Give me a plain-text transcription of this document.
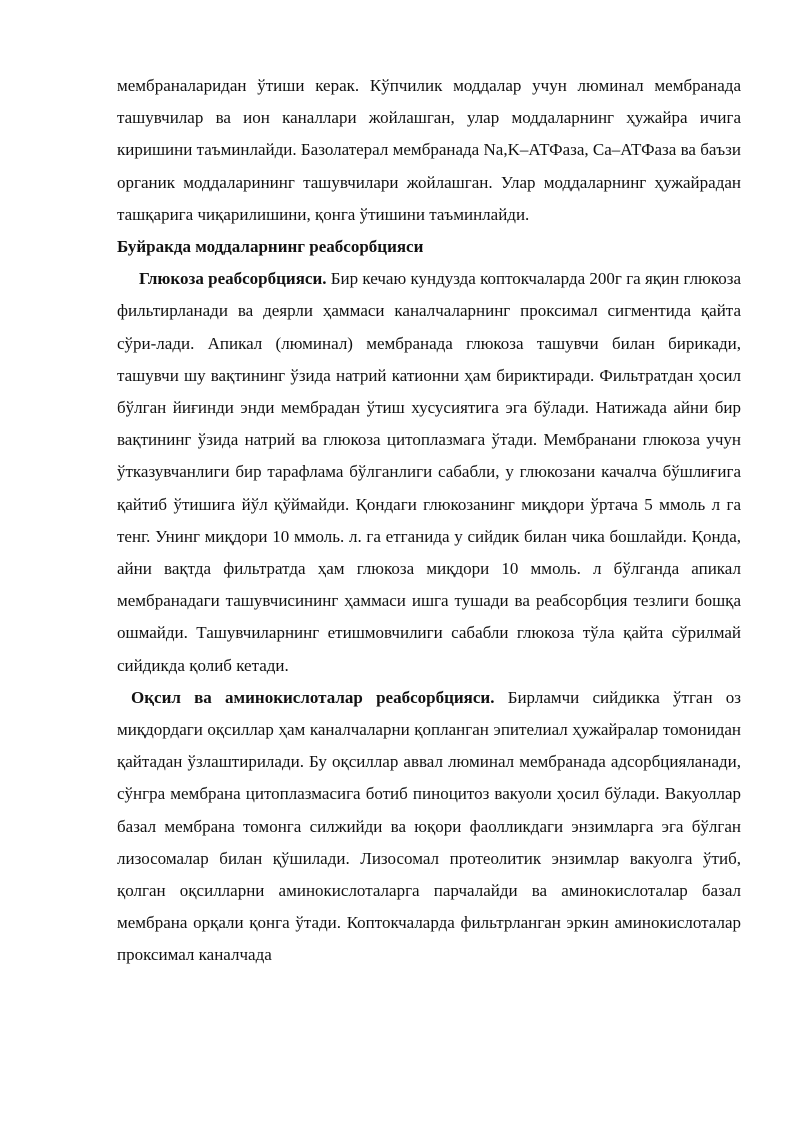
мембраналаридан ўтиши керак. Кўпчилик моддалар учун люминал мембранада ташувчилар ва ион каналлари жойлашган, улар моддаларнинг ҳужайра ичига киришини таъминлайди. Базолатерал мембранада Na,K–АТФаза, Са–АТФаза ва баъзи органик моддаларининг ташувчилари жойлашган. Улар моддаларнинг ҳужайрадан ташқарига чиқарилишини, қонга ўтишини таъминлайди.

Буйракда моддаларнинг реабсорбцияси

Глюкоза реабсорбцияси. Бир кечаю кундузда коптокчаларда 200г га яқин глюкоза фильтирланади ва деярли ҳаммаси каналчаларнинг проксимал сигментида қайта сўри-лади. Апикал (люминал) мембранада глюкоза ташувчи билан бирикади, ташувчи шу вақтининг ўзида натрий катионни ҳам бириктиради. Фильтратдан ҳосил бўлган йиғинди энди мембрадан ўтиш хусусиятига эга бўлади. Натижада айни бир вақтининг ўзида натрий ва глюкоза цитоплазмага ўтади. Мембранани глюкоза учун ўтказувчанлиги бир тарафлама бўлганлиги сабабли, у глюкозани качалча бўшлиғига қайтиб ўтишига йўл қўймайди. Қондаги глюкозанинг миқдори ўртача 5 ммоль л га тенг. Унинг миқдори 10 ммоль. л. га етганида у сийдик билан чика бошлайди. Қонда, айни вақтда фильтратда ҳам глюкоза миқдори 10 ммоль. л бўлганда апикал мембранадаги ташувчисининг ҳаммаси ишга тушади ва реабсорбция тезлиги бошқа ошмайди. Ташувчиларнинг етишмовчилиги сабабли глюкоза тўла қайта сўрилмай сийдикда қолиб кетади.

Оқсил ва аминокислоталар реабсорбцияси. Бирламчи сийдикка ўтган оз миқдордаги оқсиллар ҳам каналчаларни қопланган эпителиал ҳужайралар томонидан қайтадан ўзлаштирилади. Бу оқсиллар аввал люминал мембранада адсорбцияланади, сўнгра мембрана цитоплазмасига ботиб пиноцитоз вакуоли ҳосил бўлади. Вакуоллар базал мембрана томонга силжийди ва юқори фаолликдаги энзимларга эга бўлган лизосомалар билан қўшилади. Лизосомал протеолитик энзимлар вакуолга ўтиб, қолган оқсилларни аминокислоталарга парчалайди ва аминокислоталар базал мембрана орқали қонга ўтади. Коптокчаларда фильтрланган эркин аминокислоталар проксимал каналчада
